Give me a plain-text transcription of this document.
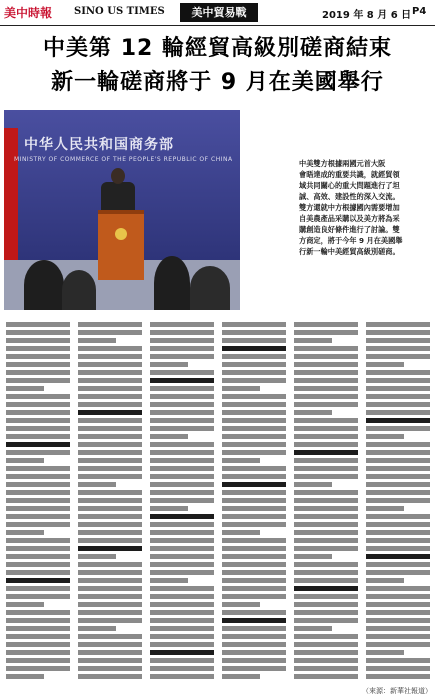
美中時報 SINO US TIMES	美中貿易戰	2019 年 8 月 6 日 P4
中美第 12 輪經貿高級別磋商結束
新一輪磋商將于 9 月在美國舉行
中华人民共和国商务部
MINISTRY OF COMMERCE OF THE PEOPLE'S REPUBLIC OF CHINA	中美雙方根據兩國元首大阪
會晤達成的重要共識，就經貿領
域共同關心的重大問題進行了坦
誠、高效、建設性的深入交流。
雙方還就中方根據國內需要增加
自美農產品采購以及美方將為采
購創造良好條件進行了討論。雙
方商定，將于今年 9 月在美國舉
行新一輪中美經貿高級別磋商。
（來源：新華社報道）
